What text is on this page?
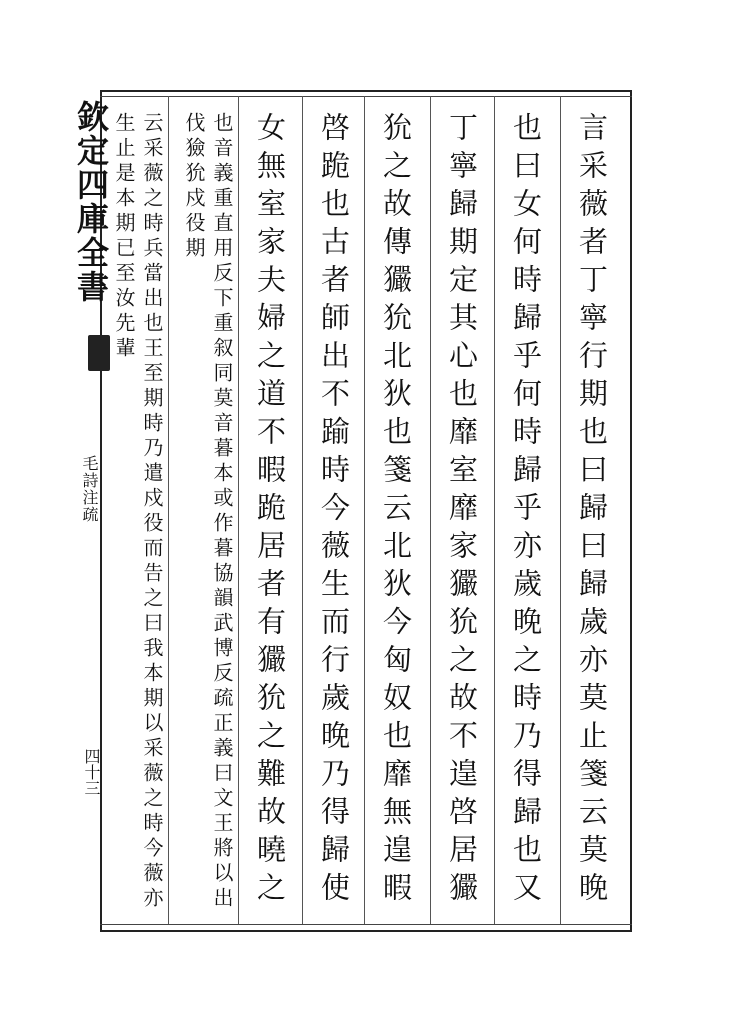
欽定四庫全書
毛詩注疏
四十三	言采薇者丁寧行期也曰歸曰歸歲亦莫止箋云莫晚
也曰女何時歸乎何時歸乎亦歲晚之時乃得歸也又
丁寧歸期定其心也靡室靡家玁狁之故不遑啓居玁
狁之故傳玁狁北狄也箋云北狄今匈奴也靡無遑暇
啓跪也古者師出不踰時今薇生而行歲晚乃得歸使
女無室家夫婦之道不暇跪居者有玁狁之難故曉之
也音義重直用反下重叙同莫音暮本或作暮協韻武博反疏正義曰文王將以出伐獫狁戍役期
云采薇之時兵當出也王至期時乃遣戍役而告之曰我本期以采薇之時今薇亦生止是本期已至汝先輩
